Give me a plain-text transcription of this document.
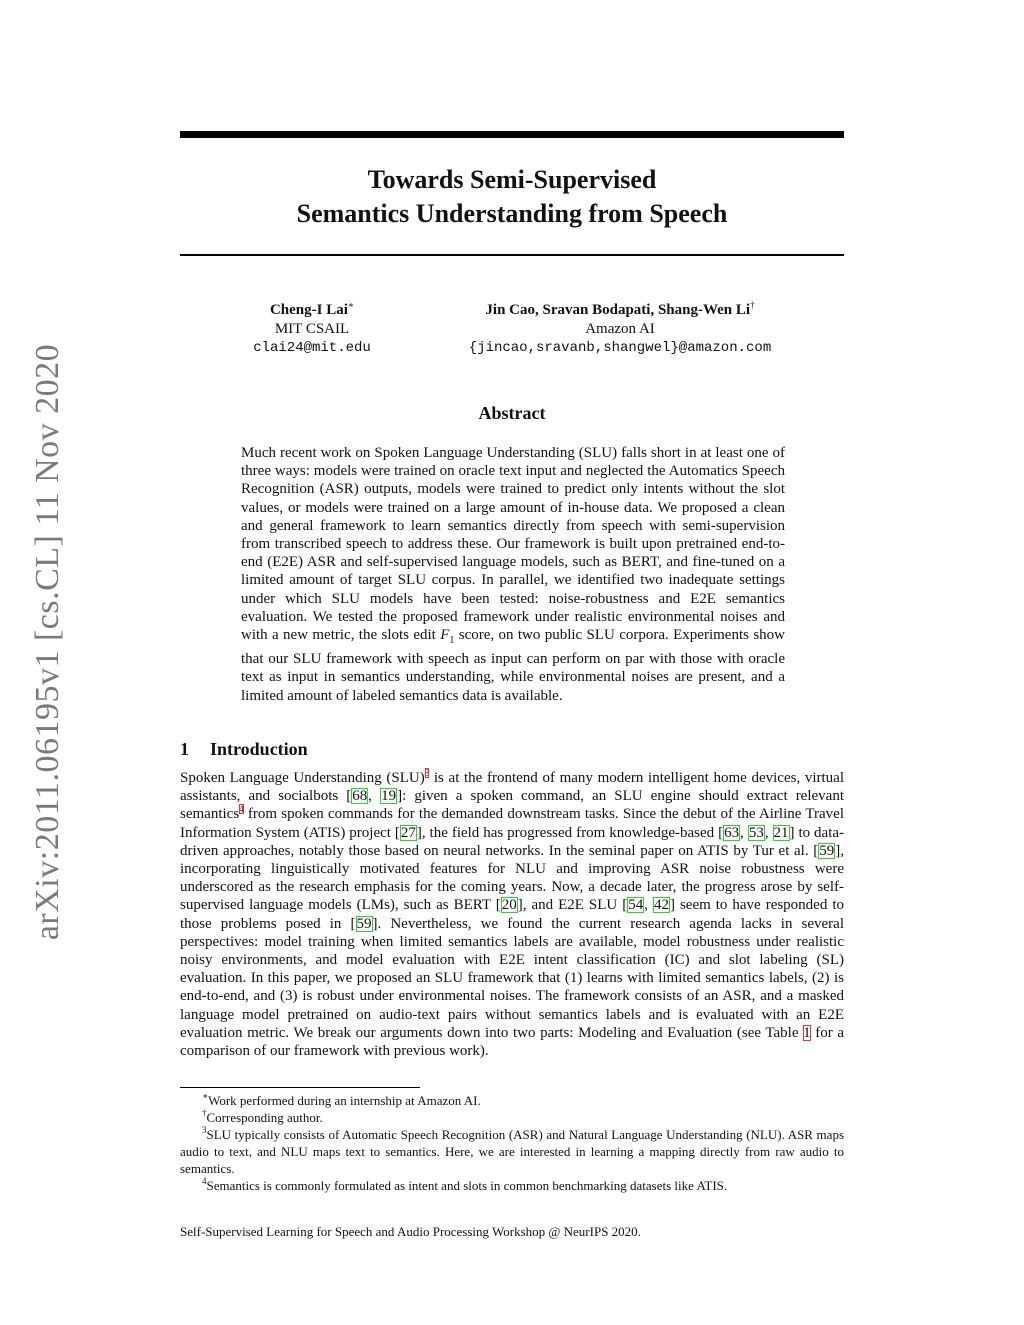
arXiv:2011.06195v1 [cs.CL] 11 Nov 2020
Towards Semi-Supervised
Semantics Understanding from Speech
Cheng-I Lai∗
MIT CSAIL
clai24@mit.edu
Jin Cao, Sravan Bodapati, Shang-Wen Li†
Amazon AI
{jincao,sravanb,shangwel}@amazon.com
Abstract

Much recent work on Spoken Language Understanding (SLU) falls short in at least one of three ways: models were trained on oracle text input and neglected the Automatics Speech Recognition (ASR) outputs, models were trained to predict only intents without the slot values, or models were trained on a large amount of in-house data. We proposed a clean and general framework to learn semantics directly from speech with semi-supervision from transcribed speech to address these. Our framework is built upon pretrained end-to-end (E2E) ASR and self-supervised language models, such as BERT, and fine-tuned on a limited amount of target SLU corpus. In parallel, we identified two inadequate settings under which SLU models have been tested: noise-robustness and E2E semantics evaluation. We tested the proposed framework under realistic environmental noises and with a new metric, the slots edit $F_1$ score, on two public SLU corpora. Experiments show that our SLU framework with speech as input can perform on par with those with oracle text as input in semantics understanding, while environmental noises are present, and a limited amount of labeled semantics data is available.

1 Introduction

Spoken Language Understanding (SLU)$^3$ is at the frontend of many modern intelligent home devices, virtual assistants, and socialbots [68, 19]: given a spoken command, an SLU engine should extract relevant semantics$^4$ from spoken commands for the demanded downstream tasks. Since the debut of the Airline Travel Information System (ATIS) project [27], the field has progressed from knowledge-based [63, 53, 21] to data-driven approaches, notably those based on neural networks. In the seminal paper on ATIS by Tur et al. [59], incorporating linguistically motivated features for NLU and improving ASR noise robustness were underscored as the research emphasis for the coming years. Now, a decade later, the progress arose by self-supervised language models (LMs), such as BERT [20], and E2E SLU [54, 42] seem to have responded to those problems posed in [59]. Nevertheless, we found the current research agenda lacks in several perspectives: model training when limited semantics labels are available, model robustness under realistic noisy environments, and model evaluation with E2E intent classification (IC) and slot labeling (SL) evaluation. In this paper, we proposed an SLU framework that (1) learns with limited semantics labels, (2) is end-to-end, and (3) is robust under environmental noises. The framework consists of an ASR, and a masked language model pretrained on audio-text pairs without semantics labels and is evaluated with an E2E evaluation metric. We break our arguments down into two parts: Modeling and Evaluation (see Table 1 for a comparison of our framework with previous work).

∗Work performed during an internship at Amazon AI.

†Corresponding author.

$^3$SLU typically consists of Automatic Speech Recognition (ASR) and Natural Language Understanding (NLU). ASR maps audio to text, and NLU maps text to semantics. Here, we are interested in learning a mapping directly from raw audio to semantics.

$^4$Semantics is commonly formulated as intent and slots in common benchmarking datasets like ATIS.

Self-Supervised Learning for Speech and Audio Processing Workshop @ NeurIPS 2020.
